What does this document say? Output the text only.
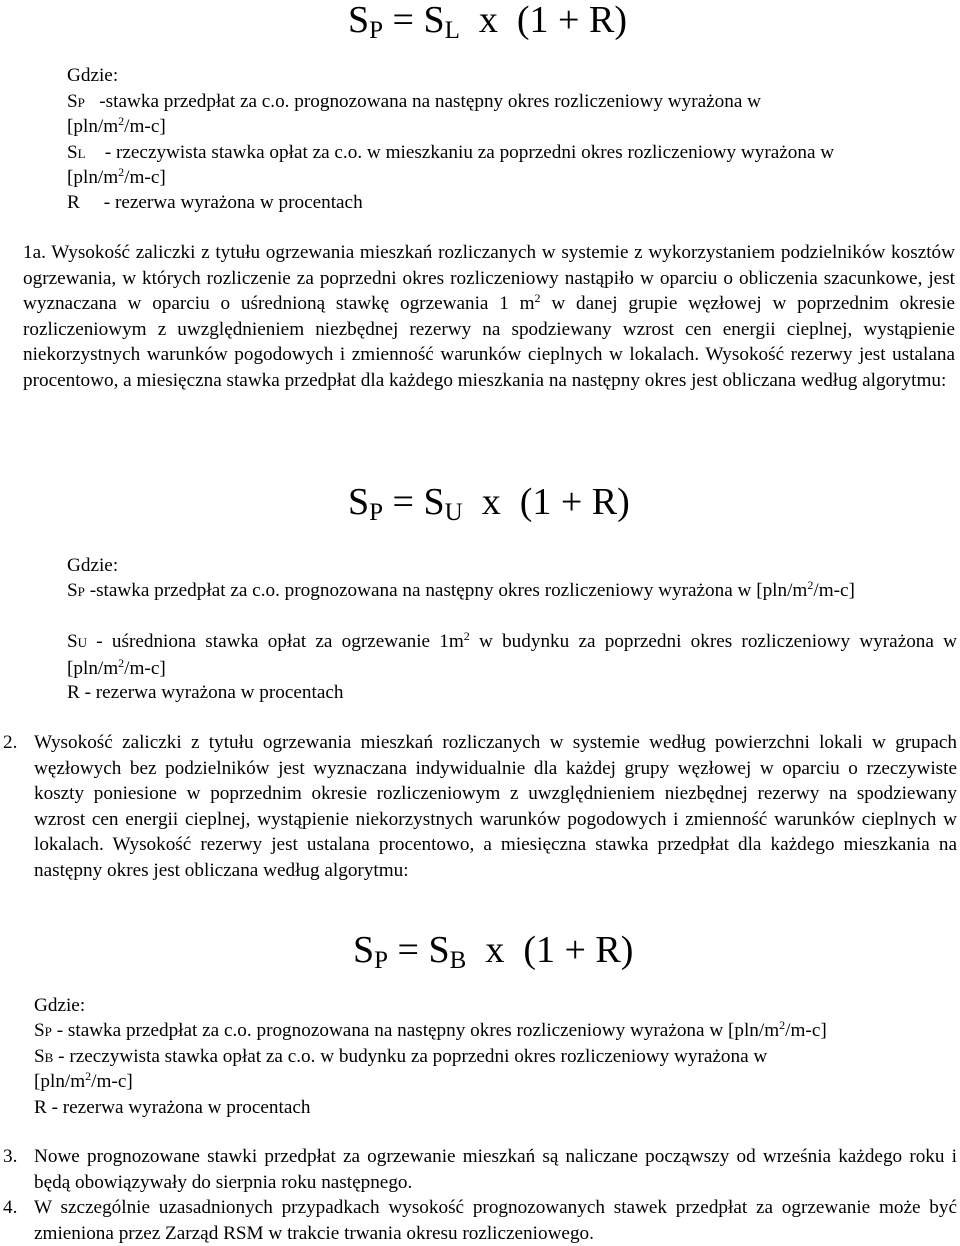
SP = SL x  (1 + R)
Gdzie:
SP -stawka przedpłat za c.o. prognozowana na następny okres rozliczeniowy wyrażona w
$[pln/m^2/m-c]$
SL - rzeczywista stawka opłat za c.o. w mieszkaniu za poprzedni okres rozliczeniowy wyrażona w
$[pln/m^2/m-c]$
R - rezerwa wyrażona w procentach

1a. Wysokość zaliczki z tytułu ogrzewania mieszkań rozliczanych w systemie z wykorzystaniem podzielników kosztów ogrzewania, w których rozliczenie za poprzedni okres rozliczeniowy nastąpiło w oparciu o obliczenia szacunkowe, jest wyznaczana w oparciu o uśrednioną stawkę ogrzewania 1 $m^2$ w danej grupie węzłowej w poprzednim okresie rozliczeniowym z uwzględnieniem niezbędnej rezerwy na spodziewany wzrost cen energii cieplnej, wystąpienie niekorzystnych warunków pogodowych i zmienność warunków cieplnych w lokalach. Wysokość rezerwy jest ustalana procentowo, a miesięczna stawka przedpłat dla każdego mieszkania na następny okres jest obliczana według algorytmu:

SP = SU x  (1 + R)
Gdzie:

SP -stawka przedpłat za c.o. prognozowana na następny okres rozliczeniowy wyrażona w $[pln/m^2/m-c]$

SU - uśredniona stawka opłat za ogrzewanie $1m^2$ w budynku za poprzedni okres rozliczeniowy wyrażona w $[pln/m^2/m-c]$

R - rezerwa wyrażona w procentach
2. Wysokość zaliczki z tytułu ogrzewania mieszkań rozliczanych w systemie według powierzchni lokali w grupach węzłowych bez podzielników jest wyznaczana indywidualnie dla każdej grupy węzłowej w oparciu o rzeczywiste koszty poniesione w poprzednim okresie rozliczeniowym z uwzględnieniem niezbędnej rezerwy na spodziewany wzrost cen energii cieplnej, wystąpienie niekorzystnych warunków pogodowych i zmienność warunków cieplnych w lokalach. Wysokość rezerwy jest ustalana procentowo, a miesięczna stawka przedpłat dla każdego mieszkania na następny okres jest obliczana według algorytmu:

SP = SB x  (1 + R)
Gdzie:
SP - stawka przedpłat za c.o. prognozowana na następny okres rozliczeniowy wyrażona w $[pln/m^2/m-c]$
SB - rzeczywista stawka opłat za c.o. w budynku za poprzedni okres rozliczeniowy wyrażona w
$[pln/m^2/m-c]$
R - rezerwa wyrażona w procentach
3. Nowe prognozowane stawki przedpłat za ogrzewanie mieszkań są naliczane począwszy od września każdego roku i będą obowiązywały do sierpnia roku następnego.

4. W szczególnie uzasadnionych przypadkach wysokość prognozowanych stawek przedpłat za ogrzewanie może być zmieniona przez Zarząd RSM w trakcie trwania okresu rozliczeniowego.
